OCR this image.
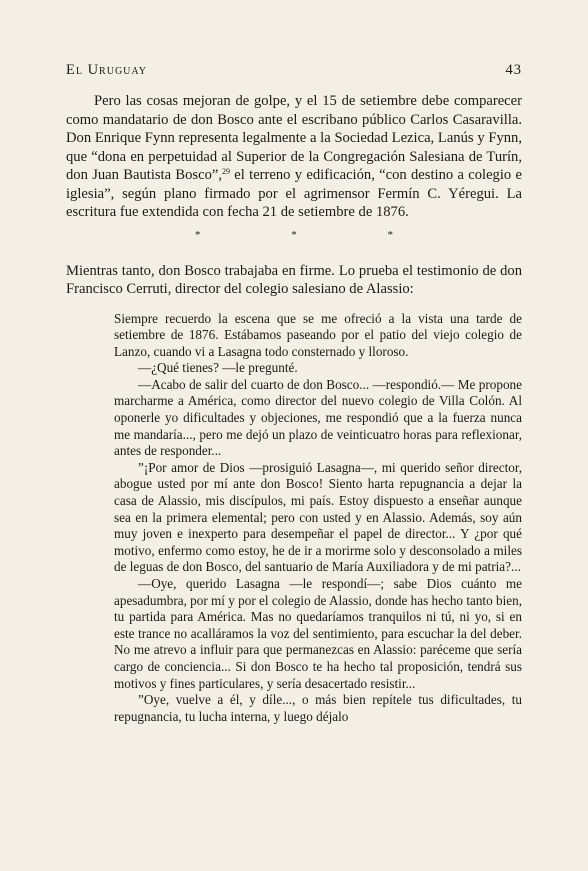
El Uruguay	43

Pero las cosas mejoran de golpe, y el 15 de setiembre debe comparecer como mandatario de don Bosco ante el escribano público Carlos Casaravilla. Don Enrique Fynn representa legalmente a la Sociedad Lezica, Lanús y Fynn, que “dona en perpetuidad al Superior de la Congregación Salesiana de Turín, don Juan Bautista Bosco”,$^{29}$ el terreno y edificación, “con destino a colegio e iglesia”, según plano firmado por el agrimensor Fermín C. Yéregui. La escritura fue extendida con fecha 21 de setiembre de 1876.

* * *

Mientras tanto, don Bosco trabajaba en firme. Lo prueba el testimonio de don Francisco Cerruti, director del colegio salesiano de Alassio:

Siempre recuerdo la escena que se me ofreció a la vista una tarde de setiembre de 1876. Estábamos paseando por el patio del viejo colegio de Lanzo, cuando vi a Lasagna todo consternado y lloroso.

—¿Qué tienes? —le pregunté.

—Acabo de salir del cuarto de don Bosco... —respondió.— Me propone marcharme a América, como director del nuevo colegio de Villa Colón. Al oponerle yo dificultades y objeciones, me respondió que a la fuerza nunca me mandaría..., pero me dejó un plazo de veinticuatro horas para reflexionar, antes de responder...

”¡Por amor de Dios —prosiguió Lasagna—, mi querido señor director, abogue usted por mí ante don Bosco! Siento harta repugnancia a dejar la casa de Alassio, mis discípulos, mi país. Estoy dispuesto a enseñar aunque sea en la primera elemental; pero con usted y en Alassio. Además, soy aún muy joven e inexperto para desempeñar el papel de director... Y ¿por qué motivo, enfermo como estoy, he de ir a morirme solo y desconsolado a miles de leguas de don Bosco, del santuario de María Auxiliadora y de mi patria?...

—Oye, querido Lasagna —le respondí—; sabe Dios cuánto me apesadumbra, por mí y por el colegio de Alassio, donde has hecho tanto bien, tu partida para América. Mas no quedaríamos tranquilos ni tú, ni yo, si en este trance no acalláramos la voz del sentimiento, para escuchar la del deber. No me atrevo a influir para que permanezcas en Alassio: paréceme que sería cargo de conciencia... Si don Bosco te ha hecho tal proposición, tendrá sus motivos y fines particulares, y sería desacertado resistir...

”Oye, vuelve a él, y díle..., o más bien repítele tus dificultades, tu repugnancia, tu lucha interna, y luego déjalo
